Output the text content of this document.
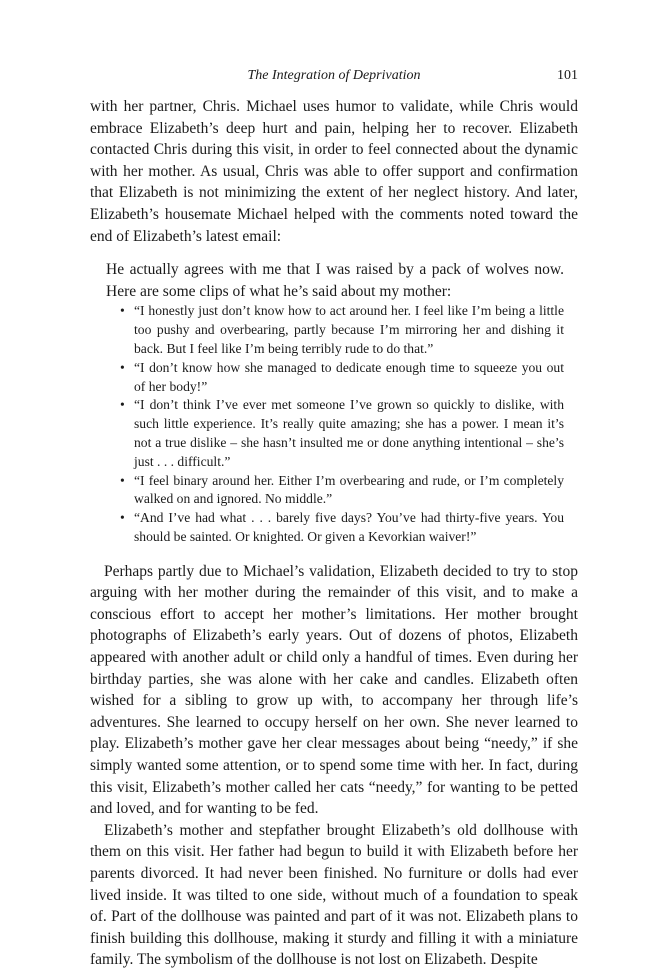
The Integration of Deprivation	101

with her partner, Chris. Michael uses humor to validate, while Chris would embrace Elizabeth’s deep hurt and pain, helping her to recover. Elizabeth contacted Chris during this visit, in order to feel connected about the dynamic with her mother. As usual, Chris was able to offer support and confirmation that Elizabeth is not minimizing the extent of her neglect history. And later, Elizabeth’s housemate Michael helped with the comments noted toward the end of Elizabeth’s latest email:

He actually agrees with me that I was raised by a pack of wolves now. Here are some clips of what he’s said about my mother:

• “I honestly just don’t know how to act around her. I feel like I’m being a little too pushy and overbearing, partly because I’m mirroring her and dishing it back. But I feel like I’m being terribly rude to do that.”
• “I don’t know how she managed to dedicate enough time to squeeze you out of her body!”
• “I don’t think I’ve ever met someone I’ve grown so quickly to dislike, with such little experience. It’s really quite amazing; she has a power. I mean it’s not a true dislike – she hasn’t insulted me or done anything intentional – she’s just . . . difficult.”
• “I feel binary around her. Either I’m overbearing and rude, or I’m completely walked on and ignored. No middle.”
• “And I’ve had what . . . barely five days? You’ve had thirty-five years. You should be sainted. Or knighted. Or given a Kevorkian waiver!”

Perhaps partly due to Michael’s validation, Elizabeth decided to try to stop arguing with her mother during the remainder of this visit, and to make a conscious effort to accept her mother’s limitations. Her mother brought photographs of Elizabeth’s early years. Out of dozens of photos, Elizabeth appeared with another adult or child only a handful of times. Even during her birthday parties, she was alone with her cake and candles. Elizabeth often wished for a sibling to grow up with, to accompany her through life’s adventures. She learned to occupy herself on her own. She never learned to play. Elizabeth’s mother gave her clear messages about being “needy,” if she simply wanted some attention, or to spend some time with her. In fact, during this visit, Elizabeth’s mother called her cats “needy,” for wanting to be petted and loved, and for wanting to be fed.

Elizabeth’s mother and stepfather brought Elizabeth’s old dollhouse with them on this visit. Her father had begun to build it with Elizabeth before her parents divorced. It had never been finished. No furniture or dolls had ever lived inside. It was tilted to one side, without much of a foundation to speak of. Part of the dollhouse was painted and part of it was not. Elizabeth plans to finish building this dollhouse, making it sturdy and filling it with a miniature family. The symbolism of the dollhouse is not lost on Elizabeth. Despite
